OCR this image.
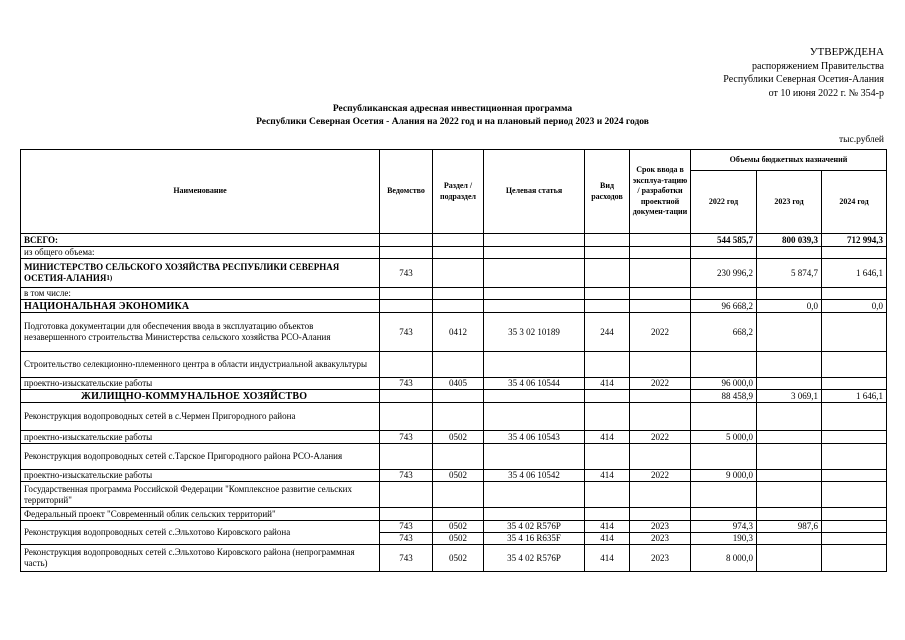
УТВЕРЖДЕНА
распоряжением Правительства
Республики Северная Осетия-Алания
от 10 июня 2022 г. № 354-р
Республиканская адресная инвестиционная программа
Республики Северная Осетия - Алания на 2022 год и на плановый период 2023 и 2024 годов
тыс.рублей
Наименование	Ведомство	Раздел / подраздел	Целевая статья	Вид расходов	Срок ввода в эксплуа-тацию / разработки проектной докумен-тации	Объемы бюджетных назначений		
						2022 год	2023 год	2024 год
ВСЕГО:						544 585,7	800 039,3	712 994,3
из общего объема:								
МИНИСТЕРСТВО СЕЛЬСКОГО ХОЗЯЙСТВА РЕСПУБЛИКИ СЕВЕРНАЯ ОСЕТИЯ-АЛАНИЯ$^{1)}$	743					230 996,2	5 874,7	1 646,1
в том числе:								
НАЦИОНАЛЬНАЯ ЭКОНОМИКА						96 668,2	0,0	0,0
Подготовка документации для обеспечения ввода в эксплуатацию объектов незавершенного строительства Министерства сельского хозяйства РСО-Алания	743	0412	35 3 02 10189	244	2022	668,2		
Строительство селекционно-племенного центра в области индустриальной аквакультуры								
проектно-изыскательские работы	743	0405	35 4 06 10544	414	2022	96 000,0		
ЖИЛИЩНО-КОММУНАЛЬНОЕ ХОЗЯЙСТВО						88 458,9	3 069,1	1 646,1
Реконструкция водопроводных сетей в с.Чермен Пригородного района								
проектно-изыскательские работы	743	0502	35 4 06 10543	414	2022	5 000,0		
Реконструкция водопроводных сетей с.Тарское Пригородного района РСО-Алания								
проектно-изыскательские работы	743	0502	35 4 06 10542	414	2022	9 000,0		
Государственная программа Российской Федерации "Комплексное развитие сельских территорий"								
Федеральный проект "Современный облик сельских территорий"								
Реконструкция водопроводных сетей с.Эльхотово Кировского района	743	0502	35 4 02 R576P	414	2023	974,3	987,6	
	743	0502	35 4 16 R635F	414	2023	190,3		
Реконструкция водопроводных сетей с.Эльхотово Кировского района (непрограммная часть)	743	0502	35 4 02 R576P	414	2023	8 000,0		
